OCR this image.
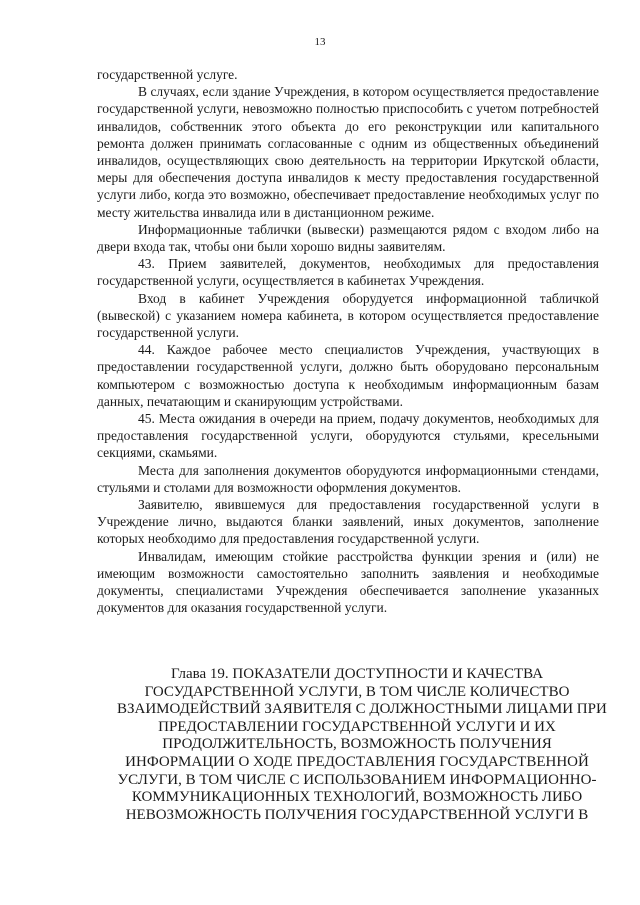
13

государственной услуге.

В случаях, если здание Учреждения, в котором осуществляется предоставление государственной услуги, невозможно полностью приспособить с учетом потребностей инвалидов, собственник этого объекта до его реконструкции или капитального ремонта должен принимать согласованные с одним из общественных объединений инвалидов, осуществляющих свою деятельность на территории Иркутской области, меры для обеспечения доступа инвалидов к месту предоставления государственной услуги либо, когда это возможно, обеспечивает предоставление необходимых услуг по месту жительства инвалида или в дистанционном режиме.

Информационные таблички (вывески) размещаются рядом с входом либо на двери входа так, чтобы они были хорошо видны заявителям.

43. Прием заявителей, документов, необходимых для предоставления государственной услуги, осуществляется в кабинетах Учреждения.

Вход в кабинет Учреждения оборудуется информационной табличкой (вывеской) с указанием номера кабинета, в котором осуществляется предоставление государственной услуги.

44. Каждое рабочее место специалистов Учреждения, участвующих в предоставлении государственной услуги, должно быть оборудовано персональным компьютером с возможностью доступа к необходимым информационным базам данных, печатающим и сканирующим устройствами.

45. Места ожидания в очереди на прием, подачу документов, необходимых для предоставления государственной услуги, оборудуются стульями, кресельными секциями, скамьями.

Места для заполнения документов оборудуются информационными стендами, стульями и столами для возможности оформления документов.

Заявителю, явившемуся для предоставления государственной услуги в Учреждение лично, выдаются бланки заявлений, иных документов, заполнение которых необходимо для предоставления государственной услуги.

Инвалидам, имеющим стойкие расстройства функции зрения и (или) не имеющим возможности самостоятельно заполнить заявления и необходимые документы, специалистами Учреждения обеспечивается заполнение указанных документов для оказания государственной услуги.

Глава 19. ПОКАЗАТЕЛИ ДОСТУПНОСТИ И КАЧЕСТВА
ГОСУДАРСТВЕННОЙ УСЛУГИ, В ТОМ ЧИСЛЕ КОЛИЧЕСТВО
ВЗАИМОДЕЙСТВИЙ ЗАЯВИТЕЛЯ С ДОЛЖНОСТНЫМИ ЛИЦАМИ ПРИ
ПРЕДОСТАВЛЕНИИ ГОСУДАРСТВЕННОЙ УСЛУГИ И ИХ
ПРОДОЛЖИТЕЛЬНОСТЬ, ВОЗМОЖНОСТЬ ПОЛУЧЕНИЯ
ИНФОРМАЦИИ О ХОДЕ ПРЕДОСТАВЛЕНИЯ ГОСУДАРСТВЕННОЙ
УСЛУГИ, В ТОМ ЧИСЛЕ С ИСПОЛЬЗОВАНИЕМ ИНФОРМАЦИОННО-
КОММУНИКАЦИОННЫХ ТЕХНОЛОГИЙ, ВОЗМОЖНОСТЬ ЛИБО
НЕВОЗМОЖНОСТЬ ПОЛУЧЕНИЯ ГОСУДАРСТВЕННОЙ УСЛУГИ В
